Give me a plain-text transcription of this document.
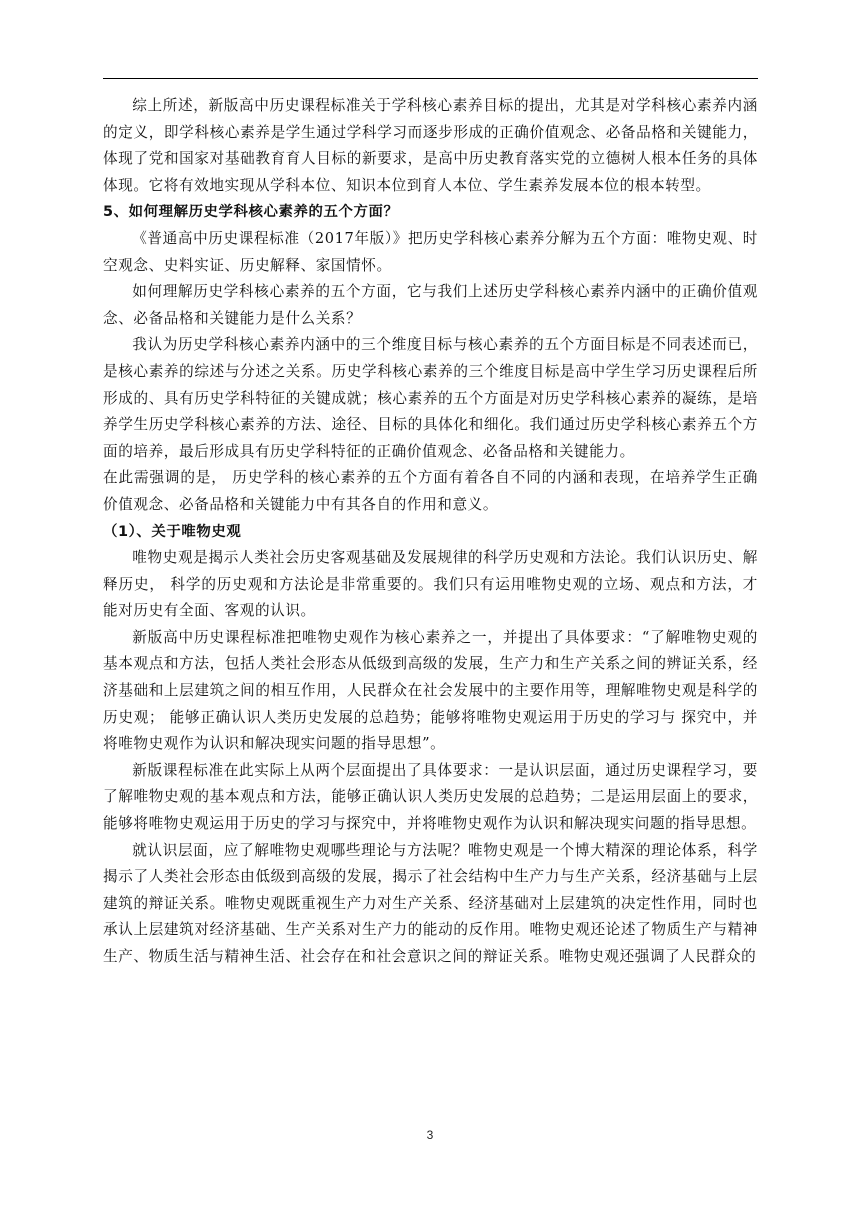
综上所述，新版高中历史课程标准关于学科核心素养目标的提出，尤其是对学科核心素养内涵的定义，即学科核心素养是学生通过学科学习而逐步形成的正确价值观念、必备品格和关键能力，体现了党和国家对基础教育育人目标的新要求，是高中历史教育落实党的立德树人根本任务的具体体现。它将有效地实现从学科本位、知识本位到育人本位、学生素养发展本位的根本转型。

5、如何理解历史学科核心素养的五个方面？

《普通高中历史课程标准（2017年版）》把历史学科核心素养分解为五个方面：唯物史观、时空观念、史料实证、历史解释、家国情怀。

如何理解历史学科核心素养的五个方面，它与我们上述历史学科核心素养内涵中的正确价值观念、必备品格和关键能力是什么关系？

我认为历史学科核心素养内涵中的三个维度目标与核心素养的五个方面目标是不同表述而已，是核心素养的综述与分述之关系。历史学科核心素养的三个维度目标是高中学生学习历史课程后所形成的、具有历史学科特征的关键成就；核心素养的五个方面是对历史学科核心素养的凝练，是培养学生历史学科核心素养的方法、途径、目标的具体化和细化。我们通过历史学科核心素养五个方面的培养，最后形成具有历史学科特征的正确价值观念、必备品格和关键能力。

在此需强调的是， 历史学科的核心素养的五个方面有着各自不同的内涵和表现，在培养学生正确价值观念、必备品格和关键能力中有其各自的作用和意义。

（1）、关于唯物史观

唯物史观是揭示人类社会历史客观基础及发展规律的科学历史观和方法论。我们认识历史、解释历史， 科学的历史观和方法论是非常重要的。我们只有运用唯物史观的立场、观点和方法，才能对历史有全面、客观的认识。

新版高中历史课程标准把唯物史观作为核心素养之一，并提出了具体要求：“了解唯物史观的基本观点和方法，包括人类社会形态从低级到高级的发展，生产力和生产关系之间的辨证关系，经济基础和上层建筑之间的相互作用，人民群众在社会发展中的主要作用等，理解唯物史观是科学的历史观； 能够正确认识人类历史发展的总趋势；能够将唯物史观运用于历史的学习与 探究中，并将唯物史观作为认识和解决现实问题的指导思想”。

新版课程标准在此实际上从两个层面提出了具体要求：一是认识层面，通过历史课程学习，要了解唯物史观的基本观点和方法，能够正确认识人类历史发展的总趋势；二是运用层面上的要求，能够将唯物史观运用于历史的学习与探究中，并将唯物史观作为认识和解决现实问题的指导思想。

就认识层面，应了解唯物史观哪些理论与方法呢？唯物史观是一个博大精深的理论体系，科学揭示了人类社会形态由低级到高级的发展，揭示了社会结构中生产力与生产关系，经济基础与上层建筑的辩证关系。唯物史观既重视生产力对生产关系、经济基础对上层建筑的决定性作用，同时也承认上层建筑对经济基础、生产关系对生产力的能动的反作用。唯物史观还论述了物质生产与精神生产、物质生活与精神生活、社会存在和社会意识之间的辩证关系。唯物史观还强调了人民群众的

3
